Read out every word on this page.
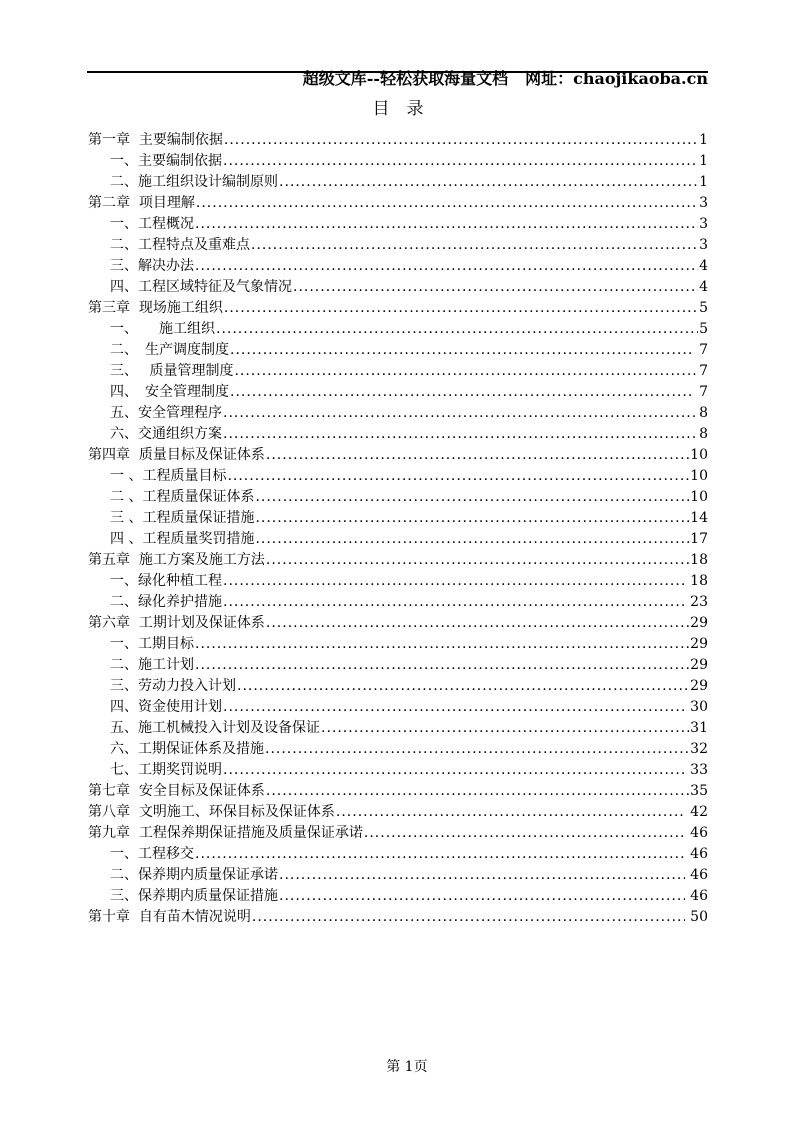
超级文库--轻松获取海量文档 网址：chaojikaoba.cn

目　录
第一章  主要编制依据 .....	1
一、主要编制依据 .....	1
二、施工组织设计编制原则 .....	1
第二章  项目理解 .....	3
一、工程概况 .....	3
二、工程特点及重难点 .....	3
三、解决办法 .....	4
四、工程区域特征及气象情况 .....	4
第三章  现场施工组织 .....	5
一、　　施工组织 .....	5
二、　生产调度制度 .....	7
三、　 质量管理制度 .....	7
四、　安全管理制度 .....	7
五、安全管理程序 .....	8
六、交通组织方案 .....	8
第四章  质量目标及保证体系 .....	10
一 、工程质量目标 .....	10
二 、工程质量保证体系 .....	10
三 、工程质量保证措施 .....	14
四 、工程质量奖罚措施 .....	17
第五章  施工方案及施工方法 .....	18
一、绿化种植工程 .....	18
二、绿化养护措施 .....	23
第六章  工期计划及保证体系 .....	29
一、工期目标 .....	29
二、施工计划 .....	29
三、劳动力投入计划 .....	29
四、资金使用计划 .....	30
五、施工机械投入计划及设备保证 .....	31
六、工期保证体系及措施 .....	32
七、工期奖罚说明 .....	33
第七章  安全目标及保证体系 .....	35
第八章  文明施工、环保目标及保证体系 .....	42
第九章  工程保养期保证措施及质量保证承诺 .....	46
一、工程移交 .....	46
二、保养期内质量保证承诺 .....	46
三、保养期内质量保证措施 .....	46
第十章  自有苗木情况说明 .....	50

第 1页
